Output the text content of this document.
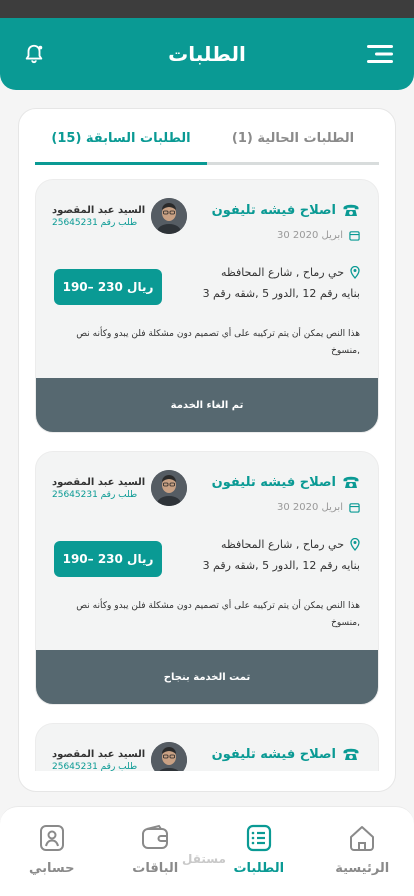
الطلبات
الطلبات السابقة (15)	الطلبات الحالية (1)
اصلاح فيشه تليفون
30 ابريل 2020
السيد عبد المقصود
طلب رقم 25645231
حي رماح , شارع المحافظه
بنايه رقم 12 ,الدور 5 ,شقه رقم 3
190– 230 ريال
هذا النص يمكن أن يتم تركيبه على أي تصميم دون مشكلة فلن يبدو وكأنه نص منسوخ,
تم الغاء الخدمة
اصلاح فيشه تليفون
30 ابريل 2020
السيد عبد المقصود
طلب رقم 25645231
حي رماح , شارع المحافظه
بنايه رقم 12 ,الدور 5 ,شقه رقم 3
190– 230 ريال
هذا النص يمكن أن يتم تركيبه على أي تصميم دون مشكلة فلن يبدو وكأنه نص منسوخ,
تمت الخدمة بنجاح
اصلاح فيشه تليفون
السيد عبد المقصود
طلب رقم 25645231
حسابي	الباقات	الطلبات	الرئيسية
مستقل
